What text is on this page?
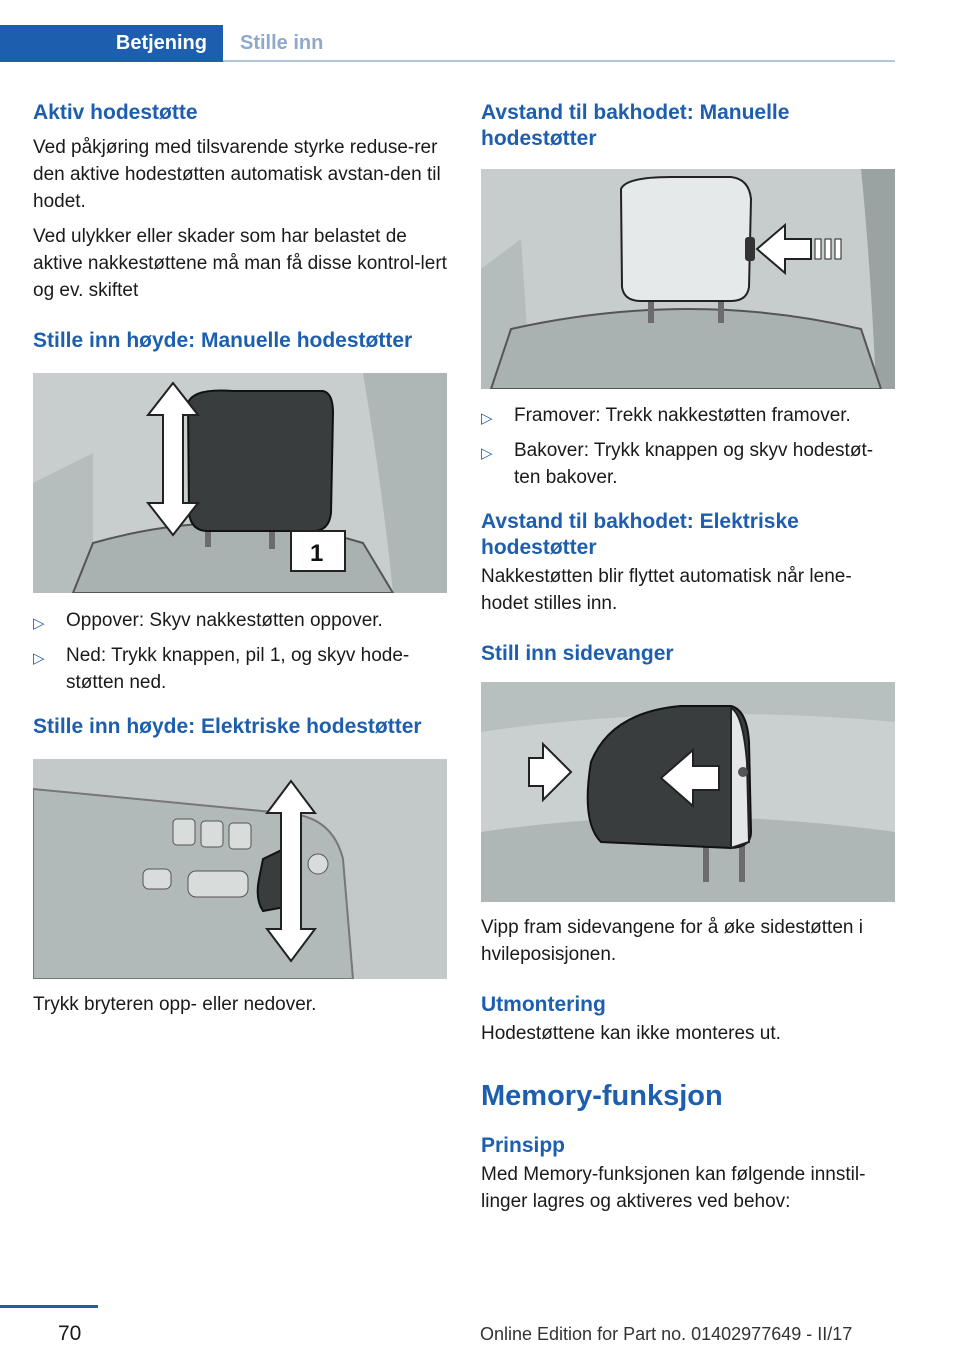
Betjening	Stille inn
Aktiv hodestøtte

Ved påkjøring med tilsvarende styrke reduse-rer den aktive hodestøtten automatisk avstan-den til hodet.

Ved ulykker eller skader som har belastet de aktive nakkestøttene må man få disse kontrol-lert og ev. skiftet

Stille inn høyde: Manuelle hodestøtter
1
▷ Oppover: Skyv nakkestøtten oppover.
▷ Ned: Trykk knappen, pil 1, og skyv hode-støtten ned.
Stille inn høyde: Elektriske hodestøtter

Trykk bryteren opp- eller nedover.

Avstand til bakhodet: Manuelle hodestøtter
▷ Framover: Trekk nakkestøtten framover.
▷ Bakover: Trykk knappen og skyv hodestøt-ten bakover.
Avstand til bakhodet: Elektriske hodestøtter

Nakkestøtten blir flyttet automatisk når lene-hodet stilles inn.

Still inn sidevanger

Vipp fram sidevangene for å øke sidestøtten i hvileposisjonen.

Utmontering

Hodestøttene kan ikke monteres ut.

Memory-funksjon
Prinsipp

Med Memory-funksjonen kan følgende innstil-linger lagres og aktiveres ved behov:

70	Online Edition for Part no. 01402977649 - II/17
